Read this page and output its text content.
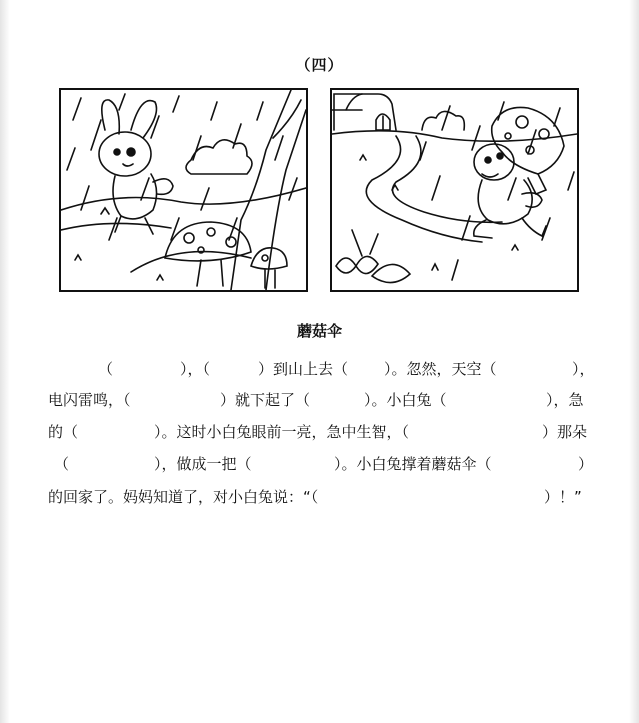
（四）
蘑菇伞
（	），（	）到山上去（ ）。忽然，天空（	），
电闪雷鸣，（	）就下起了（	）。小白兔（	），急
的（	）。这时小白兔眼前一亮，急中生智，（	）那朵
（	），做成一把（	）。小白兔撑着蘑菇伞（	）
的回家了。妈妈知道了，对小白兔说：“（	）！”
